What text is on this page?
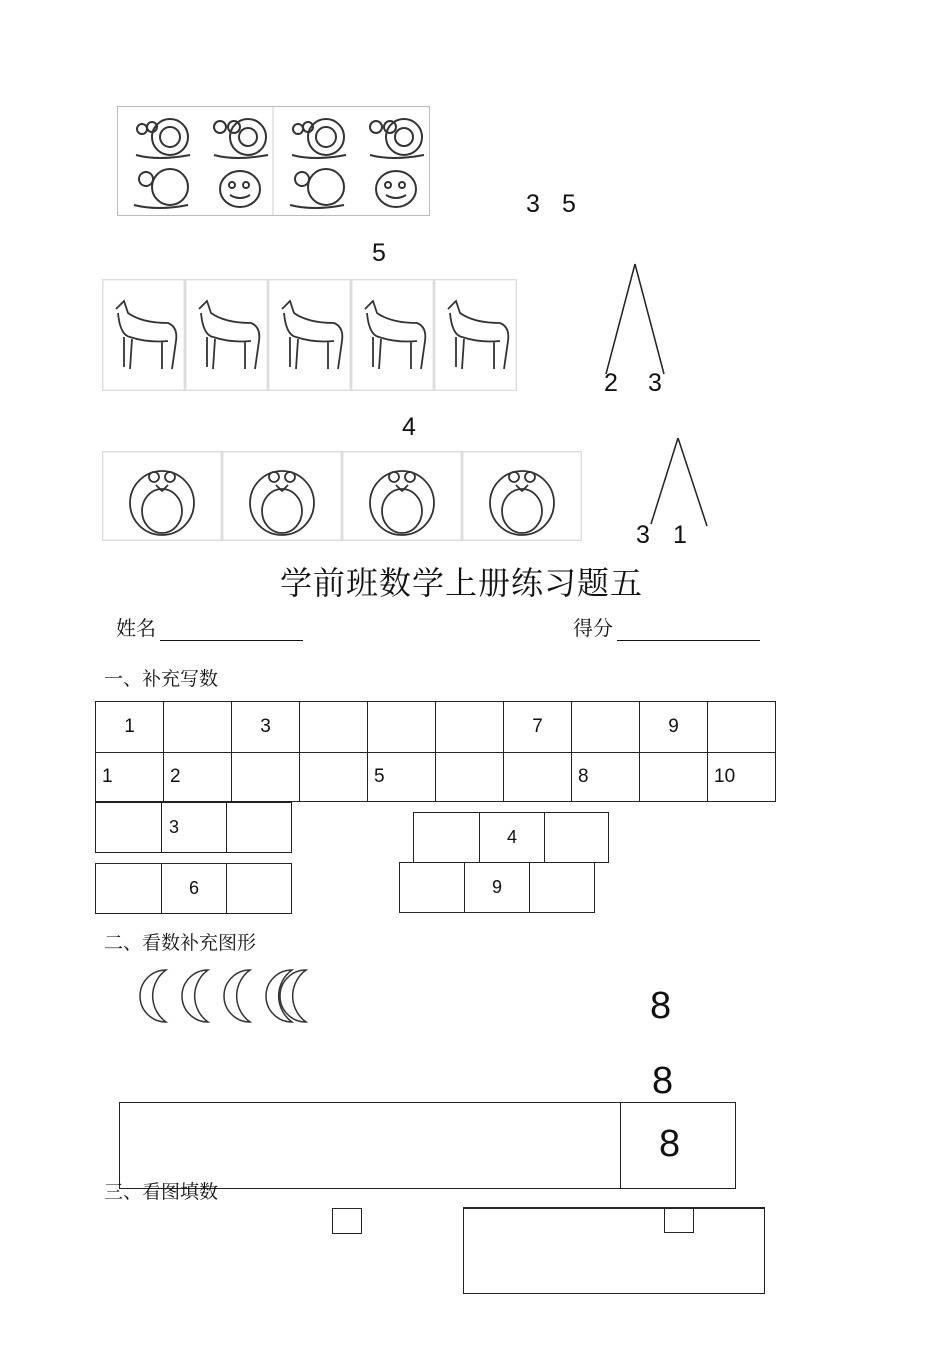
3 5
5
2 3
4
3 1
学前班数学上册练习题五
姓名	得分
一、补充写数
1		3				7		9	
1	2			5			8		10
3	4
6	9
二、看数补充图形
8
8
8
三、看图填数
